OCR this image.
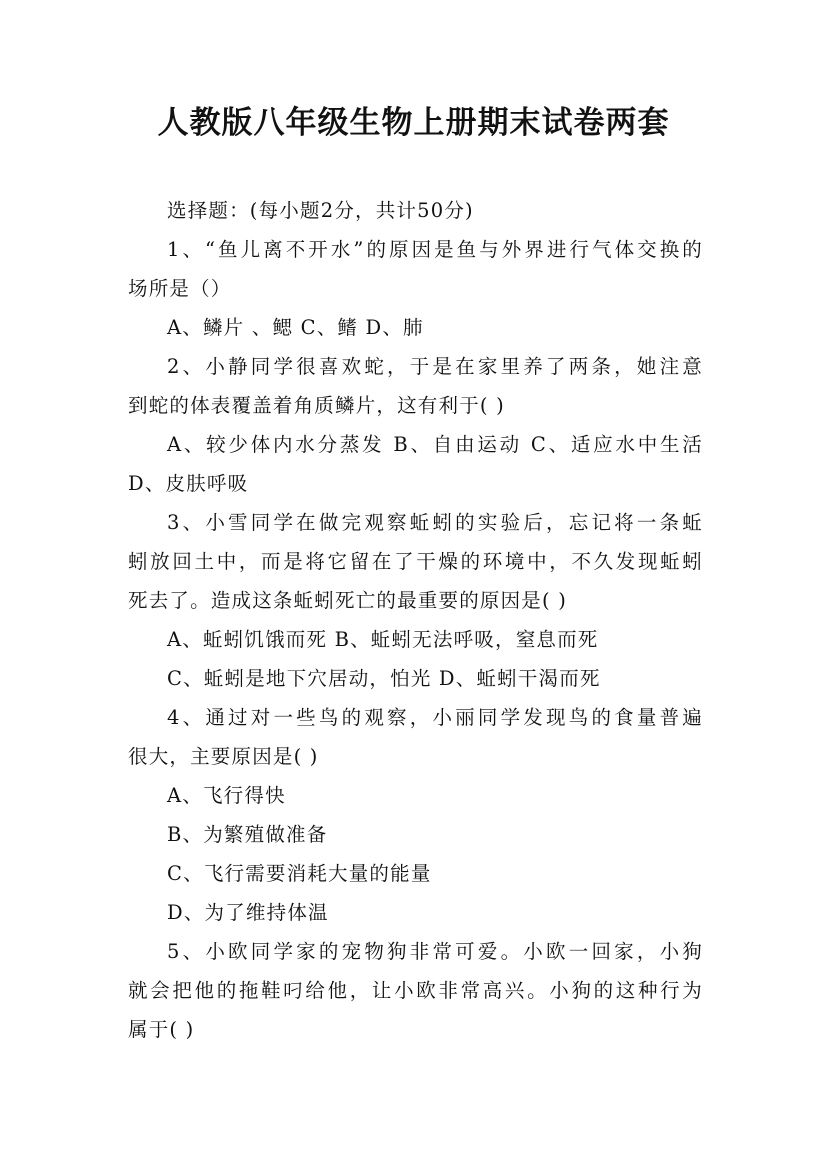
人教版八年级生物上册期末试卷两套
选择题：(每小题2分，共计50分)
1、“鱼儿离不开水”的原因是鱼与外界进行气体交换的
场所是（）
A、鳞片 、鳃 C、鳍 D、肺
2、小静同学很喜欢蛇，于是在家里养了两条，她注意
到蛇的体表覆盖着角质鳞片，这有利于( )
A、较少体内水分蒸发 B、自由运动 C、适应水中生活
D、皮肤呼吸
3、小雪同学在做完观察蚯蚓的实验后，忘记将一条蚯
蚓放回土中，而是将它留在了干燥的环境中，不久发现蚯蚓
死去了。造成这条蚯蚓死亡的最重要的原因是( )
A、蚯蚓饥饿而死 B、蚯蚓无法呼吸，窒息而死
C、蚯蚓是地下穴居动，怕光 D、蚯蚓干渴而死
4、通过对一些鸟的观察，小丽同学发现鸟的食量普遍
很大，主要原因是( )
A、飞行得快
B、为繁殖做准备
C、飞行需要消耗大量的能量
D、为了维持体温
5、小欧同学家的宠物狗非常可爱。小欧一回家，小狗
就会把他的拖鞋叼给他，让小欧非常高兴。小狗的这种行为
属于( )
